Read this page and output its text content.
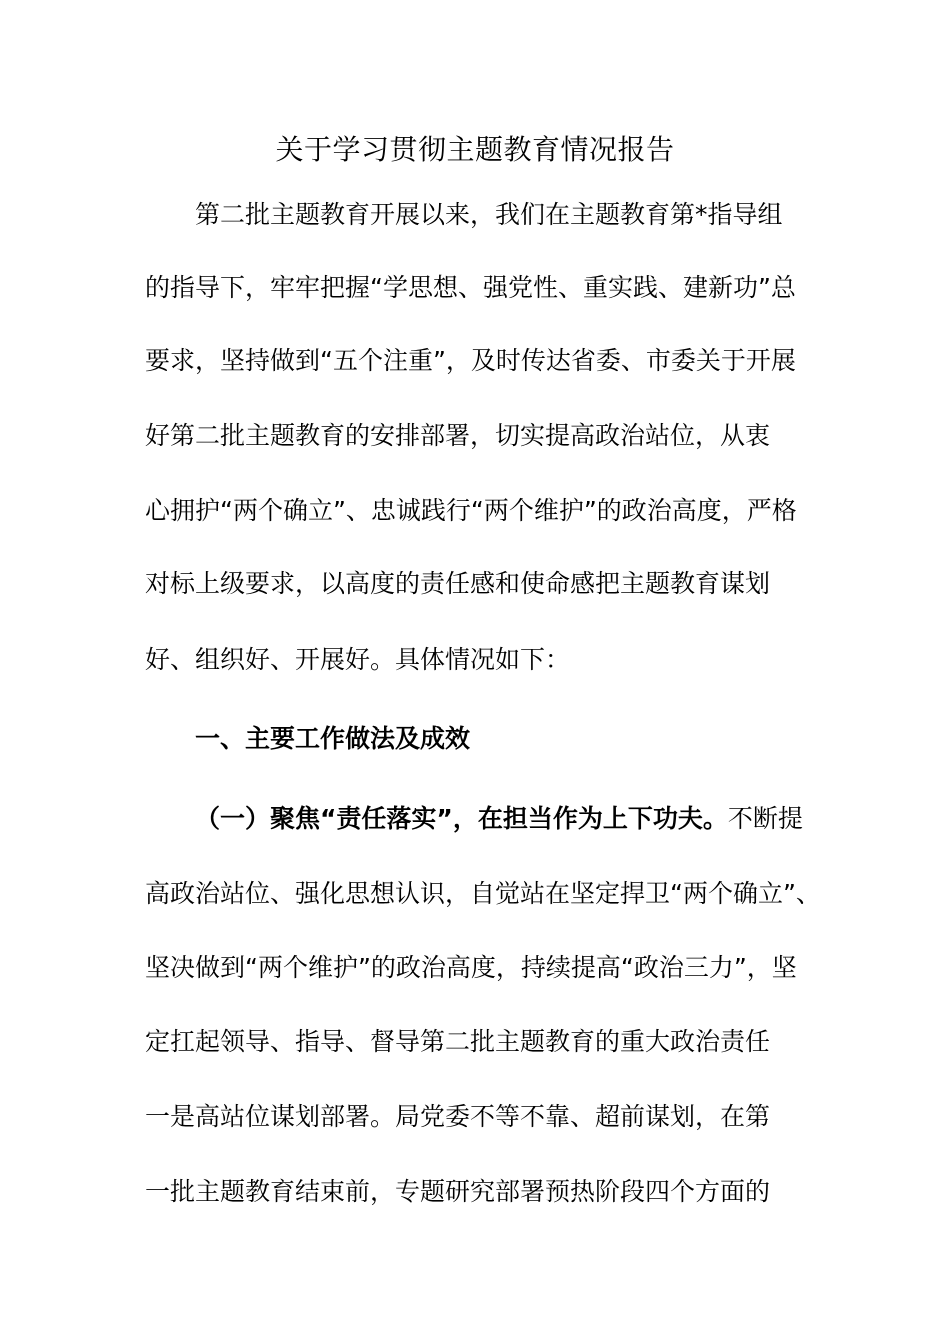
关于学习贯彻主题教育情况报告
第二批主题教育开展以来，我们在主题教育第*指导组
的指导下，牢牢把握“学思想、强党性、重实践、建新功”总
要求，坚持做到“五个注重”，及时传达省委、市委关于开展
好第二批主题教育的安排部署，切实提高政治站位，从衷
心拥护“两个确立”、忠诚践行“两个维护”的政治高度，严格
对标上级要求，以高度的责任感和使命感把主题教育谋划
好、组织好、开展好。具体情况如下：
一、主要工作做法及成效
（一）聚焦“责任落实”，在担当作为上下功夫。不断提
高政治站位、强化思想认识，自觉站在坚定捍卫“两个确立”、
坚决做到“两个维护”的政治高度，持续提高“政治三力”，坚
定扛起领导、指导、督导第二批主题教育的重大政治责任
一是高站位谋划部署。局党委不等不靠、超前谋划，在第
一批主题教育结束前，专题研究部署预热阶段四个方面的
